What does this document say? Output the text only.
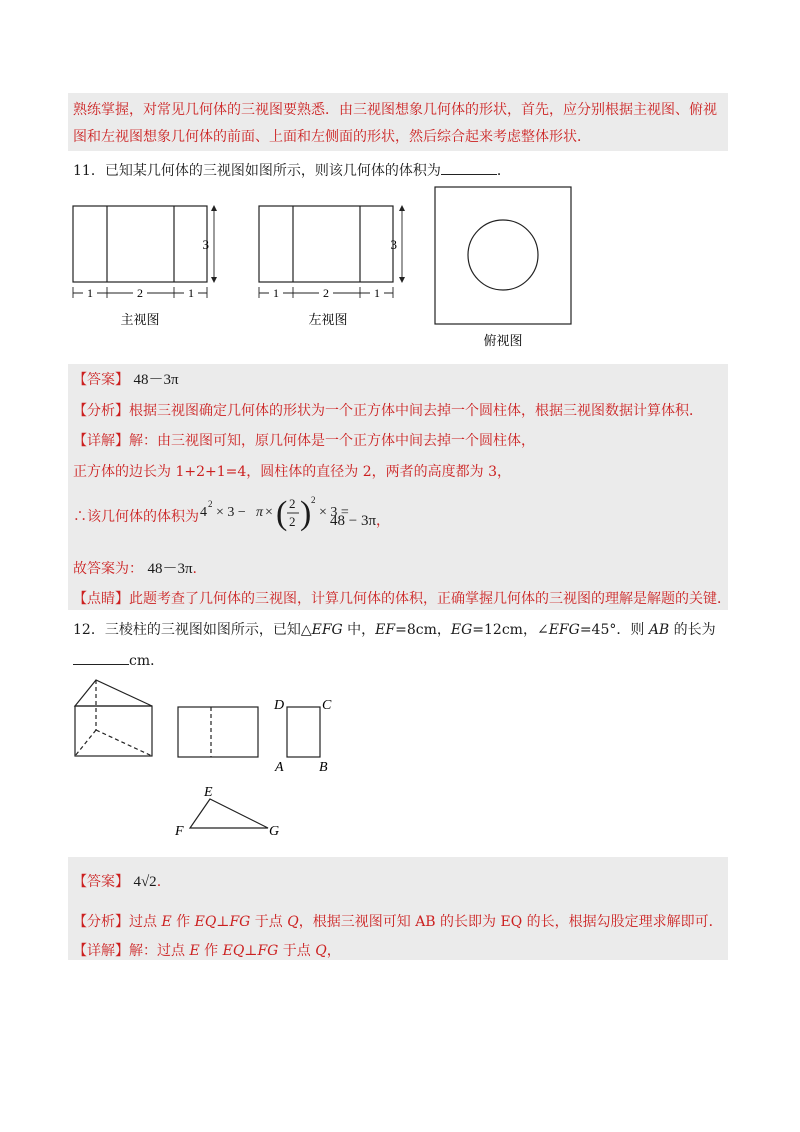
熟练掌握，对常见几何体的三视图要熟悉．由三视图想象几何体的形状，首先，应分别根据主视图、俯视
图和左视图想象几何体的前面、上面和左侧面的形状，然后综合起来考虑整体形状．
11．已知某几何体的三视图如图所示，则该几何体的体积为	．
3
1	2	1
主视图
3
1	2	1
左视图
俯视图
【答案】 48－3π
【分析】根据三视图确定几何体的形状为一个正方体中间去掉一个圆柱体，根据三视图数据计算体积．
【详解】解：由三视图可知，原几何体是一个正方体中间去掉一个圆柱体，
正方体的边长为 1+2+1=4，圆柱体的直径为 2，两者的高度都为 3，
∴该几何体的体积为 4
2
× 3 − π × ( 2
2 ) 2
× 3 =
48 − 3π，
故答案为： 48－3π.
【点睛】此题考查了几何体的三视图，计算几何体的体积，正确掌握几何体的三视图的理解是解题的关键．
12．三棱柱的三视图如图所示，已知△EFG 中，EF=8cm，EG=12cm，∠EFG=45°．则 AB 的长为
cm．
D	C
A	B
E
F	G
【答案】 4√2.
【分析】过点 E 作 EQ⊥FG 于点 Q，根据三视图可知 AB 的长即为 EQ 的长，根据勾股定理求解即可．
【详解】解：过点 E 作 EQ⊥FG 于点 Q，
